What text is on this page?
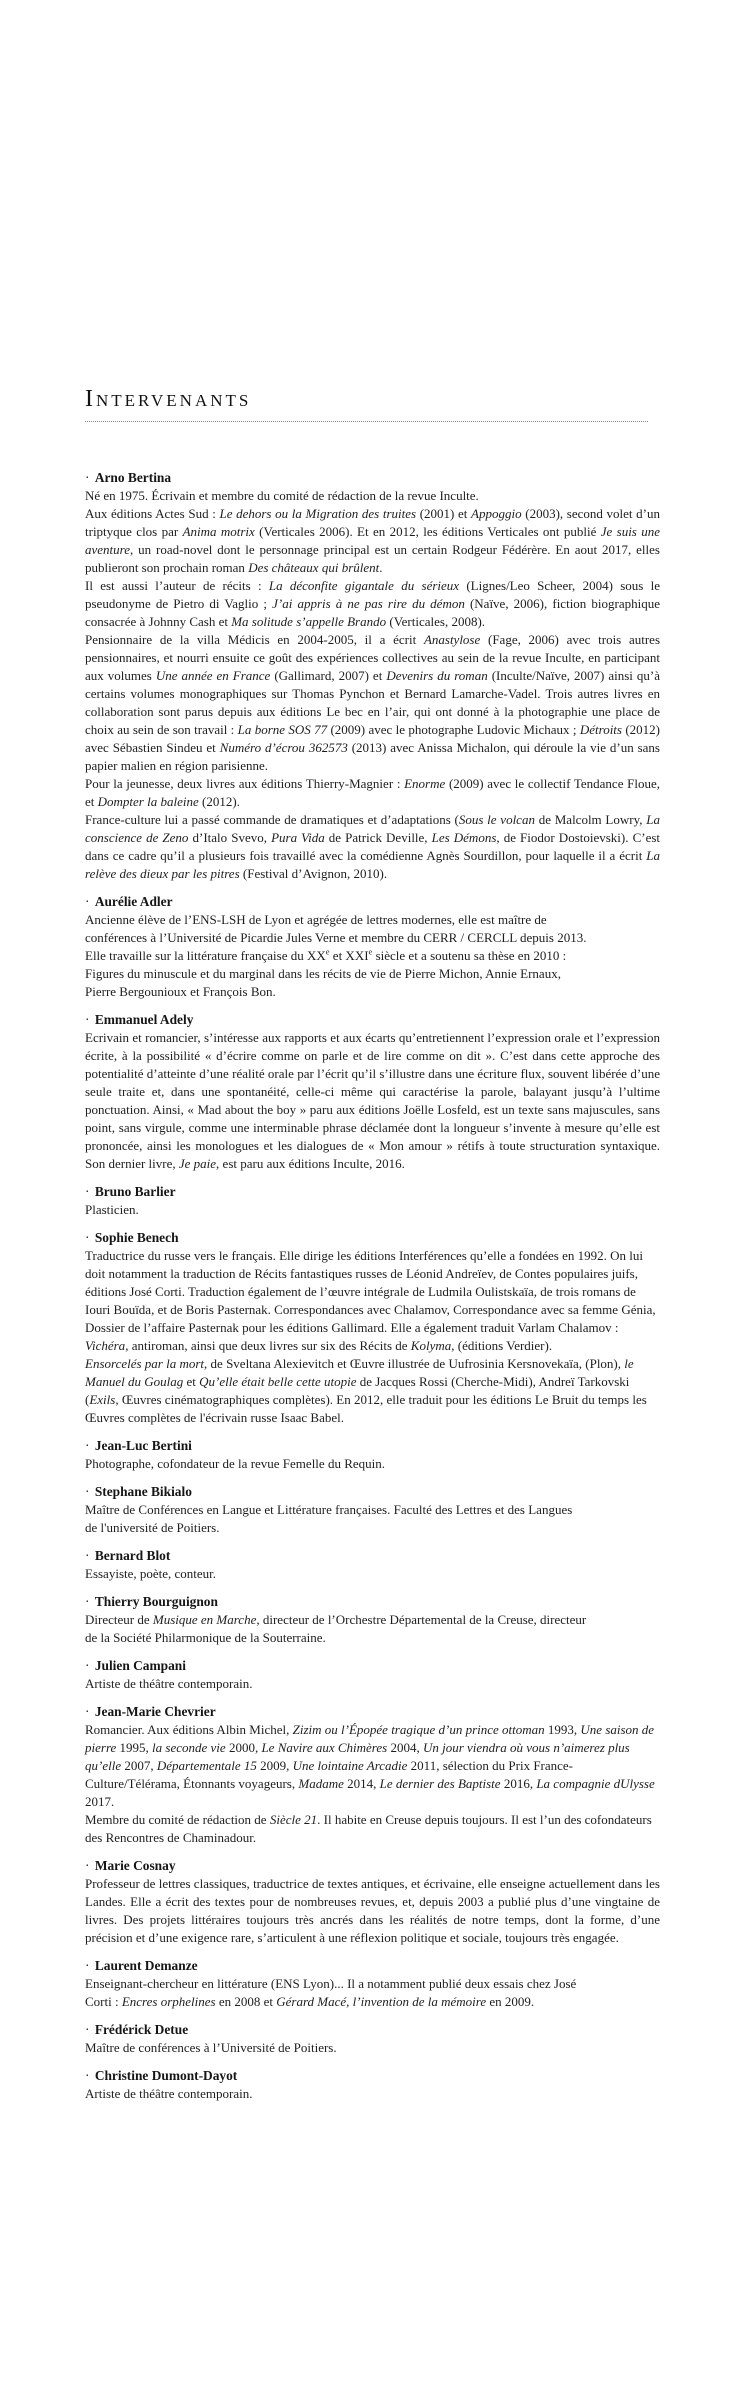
Intervenants
· Arno Bertina

Né en 1975. Écrivain et membre du comité de rédaction de la revue Inculte.

Aux éditions Actes Sud : Le dehors ou la Migration des truites (2001) et Appoggio (2003), second volet d’un triptyque clos par Anima motrix (Verticales 2006). Et en 2012, les éditions Verticales ont publié Je suis une aventure, un road-novel dont le personnage principal est un certain Rodgeur Fédérère. En aout 2017, elles publieront son prochain roman Des châteaux qui brûlent.

Il est aussi l’auteur de récits : La déconfite gigantale du sérieux (Lignes/Leo Scheer, 2004) sous le pseudonyme de Pietro di Vaglio ; J’ai appris à ne pas rire du démon (Naïve, 2006), fiction biographique consacrée à Johnny Cash et Ma solitude s’appelle Brando (Verticales, 2008).

Pensionnaire de la villa Médicis en 2004-2005, il a écrit Anastylose (Fage, 2006) avec trois autres pensionnaires, et nourri ensuite ce goût des expériences collectives au sein de la revue Inculte, en participant aux volumes Une année en France (Gallimard, 2007) et Devenirs du roman (Inculte/Naïve, 2007) ainsi qu’à certains volumes monographiques sur Thomas Pynchon et Bernard Lamarche-Vadel. Trois autres livres en collaboration sont parus depuis aux éditions Le bec en l’air, qui ont donné à la photographie une place de choix au sein de son travail : La borne SOS 77 (2009) avec le photographe Ludovic Michaux ; Détroits (2012) avec Sébastien Sindeu et Numéro d’écrou 362573 (2013) avec Anissa Michalon, qui déroule la vie d’un sans papier malien en région parisienne.

Pour la jeunesse, deux livres aux éditions Thierry-Magnier : Enorme (2009) avec le collectif Tendance Floue, et Dompter la baleine (2012).

France-culture lui a passé commande de dramatiques et d’adaptations (Sous le volcan de Malcolm Lowry, La conscience de Zeno d’Italo Svevo, Pura Vida de Patrick Deville, Les Démons, de Fiodor Dostoievski). C’est dans ce cadre qu’il a plusieurs fois travaillé avec la comédienne Agnès Sourdillon, pour laquelle il a écrit La relève des dieux par les pitres (Festival d’Avignon, 2010).

· Aurélie Adler

Ancienne élève de l’ENS-LSH de Lyon et agrégée de lettres modernes, elle est maître de
conférences à l’Université de Picardie Jules Verne et membre du CERR / CERCLL depuis 2013.
Elle travaille sur la littérature française du XXe et XXIe siècle et a soutenu sa thèse en 2010 :
Figures du minuscule et du marginal dans les récits de vie de Pierre Michon, Annie Ernaux,
Pierre Bergounioux et François Bon.

· Emmanuel Adely

Ecrivain et romancier, s’intéresse aux rapports et aux écarts qu’entretiennent l’expression orale et l’expression écrite, à la possibilité « d’écrire comme on parle et de lire comme on dit ». C’est dans cette approche des potentialité d’atteinte d’une réalité orale par l’écrit qu’il s’illustre dans une écriture flux, souvent libérée d’une seule traite et, dans une spontanéité, celle-ci même qui caractérise la parole, balayant jusqu’à l’ultime ponctuation. Ainsi, « Mad about the boy » paru aux éditions Joëlle Losfeld, est un texte sans majuscules, sans point, sans virgule, comme une interminable phrase déclamée dont la longueur s’invente à mesure qu’elle est prononcée, ainsi les monologues et les dialogues de « Mon amour » rétifs à toute structuration syntaxique. Son dernier livre, Je paie, est paru aux éditions Inculte, 2016.

· Bruno Barlier

Plasticien.

· Sophie Benech

Traductrice du russe vers le français. Elle dirige les éditions Interférences qu’elle a fondées en 1992. On lui doit notamment la traduction de Récits fantastiques russes de Léonid Andreïev, de Contes populaires juifs, éditions José Corti. Traduction également de l’œuvre intégrale de Ludmila Oulistskaïa, de trois romans de Iouri Bouïda, et de Boris Pasternak. Correspondances avec Chalamov, Correspondance avec sa femme Génia, Dossier de l’affaire Pasternak pour les éditions Gallimard. Elle a également traduit Varlam Chalamov : Vichéra, antiroman, ainsi que deux livres sur six des Récits de Kolyma, (éditions Verdier).

Ensorcelés par la mort, de Sveltana Alexievitch et Œuvre illustrée de Uufrosinia Kersnovekaïa, (Plon), le Manuel du Goulag et Qu’elle était belle cette utopie de Jacques Rossi (Cherche-Midi), Andreï Tarkovski (Exils, Œuvres cinématographiques complètes). En 2012, elle traduit pour les éditions Le Bruit du temps les Œuvres complètes de l'écrivain russe Isaac Babel.

· Jean-Luc Bertini

Photographe, cofondateur de la revue Femelle du Requin.

· Stephane Bikialo

Maître de Conférences en Langue et Littérature françaises. Faculté des Lettres et des Langues
de l'université de Poitiers.

· Bernard Blot

Essayiste, poète, conteur.

· Thierry Bourguignon

Directeur de Musique en Marche, directeur de l’Orchestre Départemental de la Creuse, directeur
de la Société Philarmonique de la Souterraine.

· Julien Campani

Artiste de théâtre contemporain.

· Jean-Marie Chevrier

Romancier. Aux éditions Albin Michel, Zizim ou l’Épopée tragique d’un prince ottoman 1993, Une saison de pierre 1995, la seconde vie 2000, Le Navire aux Chimères 2004, Un jour viendra où vous n’aimerez plus qu’elle 2007, Départementale 15 2009, Une lointaine Arcadie 2011, sélection du Prix France-Culture/Télérama, Étonnants voyageurs, Madame 2014, Le dernier des Baptiste 2016, La compagnie dUlysse 2017.

Membre du comité de rédaction de Siècle 21. Il habite en Creuse depuis toujours. Il est l’un des cofondateurs des Rencontres de Chaminadour.

· Marie Cosnay

Professeur de lettres classiques, traductrice de textes antiques, et écrivaine, elle enseigne actuellement dans les Landes. Elle a écrit des textes pour de nombreuses revues, et, depuis 2003 a publié plus d’une vingtaine de livres. Des projets littéraires toujours très ancrés dans les réalités de notre temps, dont la forme, d’une précision et d’une exigence rare, s’articulent à une réflexion politique et sociale, toujours très engagée.

· Laurent Demanze

Enseignant-chercheur en littérature (ENS Lyon)... Il a notamment publié deux essais chez José
Corti : Encres orphelines en 2008 et Gérard Macé, l’invention de la mémoire en 2009.

· Frédérick Detue

Maître de conférences à l’Université de Poitiers.

· Christine Dumont-Dayot

Artiste de théâtre contemporain.
